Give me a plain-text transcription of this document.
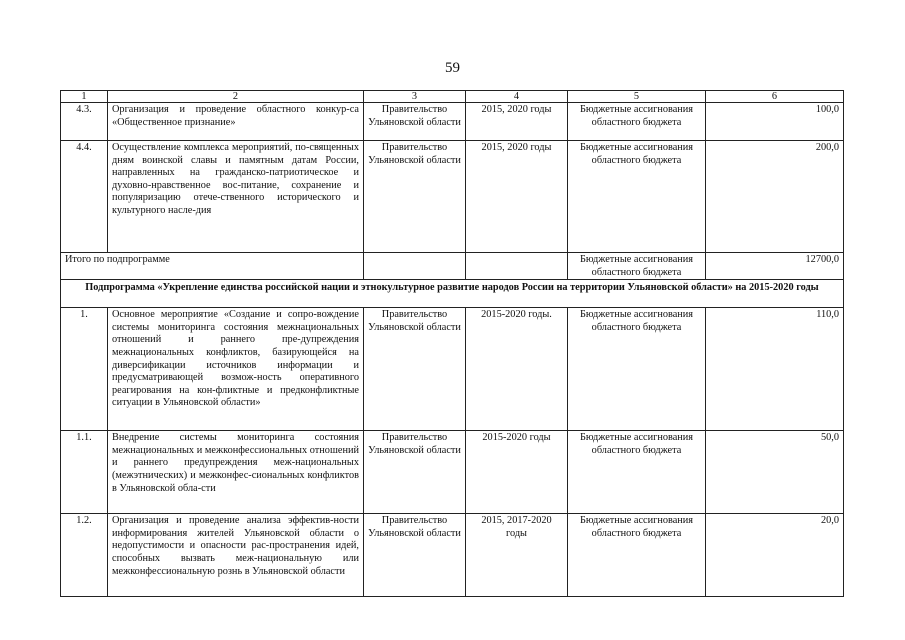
59
1	2	3	4	5	6
4.3.	Организация и проведение областного конкур-са «Общественное признание»	Правительство Ульяновской области	2015, 2020 годы	Бюджетные ассигнования областного бюджета	100,0
4.4.	Осуществление комплекса мероприятий, по-священных дням воинской славы и памятным датам России, направленных на гражданско-патриотическое и духовно-нравственное вос-питание, сохранение и популяризацию отече-ственного исторического и культурного насле-дия	Правительство Ульяновской области	2015, 2020 годы	Бюджетные ассигнования областного бюджета	200,0
Итого по подпрограмме				Бюджетные ассигнования областного бюджета	12700,0
Подпрограмма «Укрепление единства российской нации и этнокультурное развитие народов России на территории Ульяновской области» на 2015-2020 годы					
1.	Основное мероприятие «Создание и сопро-вождение системы мониторинга состояния межнациональных отношений и раннего пре-дупреждения межнациональных конфликтов, базирующейся на диверсификации источников информации и предусматривающей возмож-ность оперативного реагирования на кон-фликтные и предконфликтные ситуации в Ульяновской области»	Правительство Ульяновской области	2015-2020 годы.	Бюджетные ассигнования областного бюджета	110,0
1.1.	Внедрение системы мониторинга состояния межнациональных и межконфессиональных отношений и раннего предупреждения меж-национальных (межэтнических) и межконфес-сиональных конфликтов в Ульяновской обла-сти	Правительство Ульяновской области	2015-2020 годы	Бюджетные ассигнования областного бюджета	50,0
1.2.	Организация и проведение анализа эффектив-ности информирования жителей Ульяновской области о недопустимости и опасности рас-пространения идей, способных вызвать меж-национальную или межконфессиональную рознь в Ульяновской области	Правительство Ульяновской области	2015, 2017-2020 годы	Бюджетные ассигнования областного бюджета	20,0
